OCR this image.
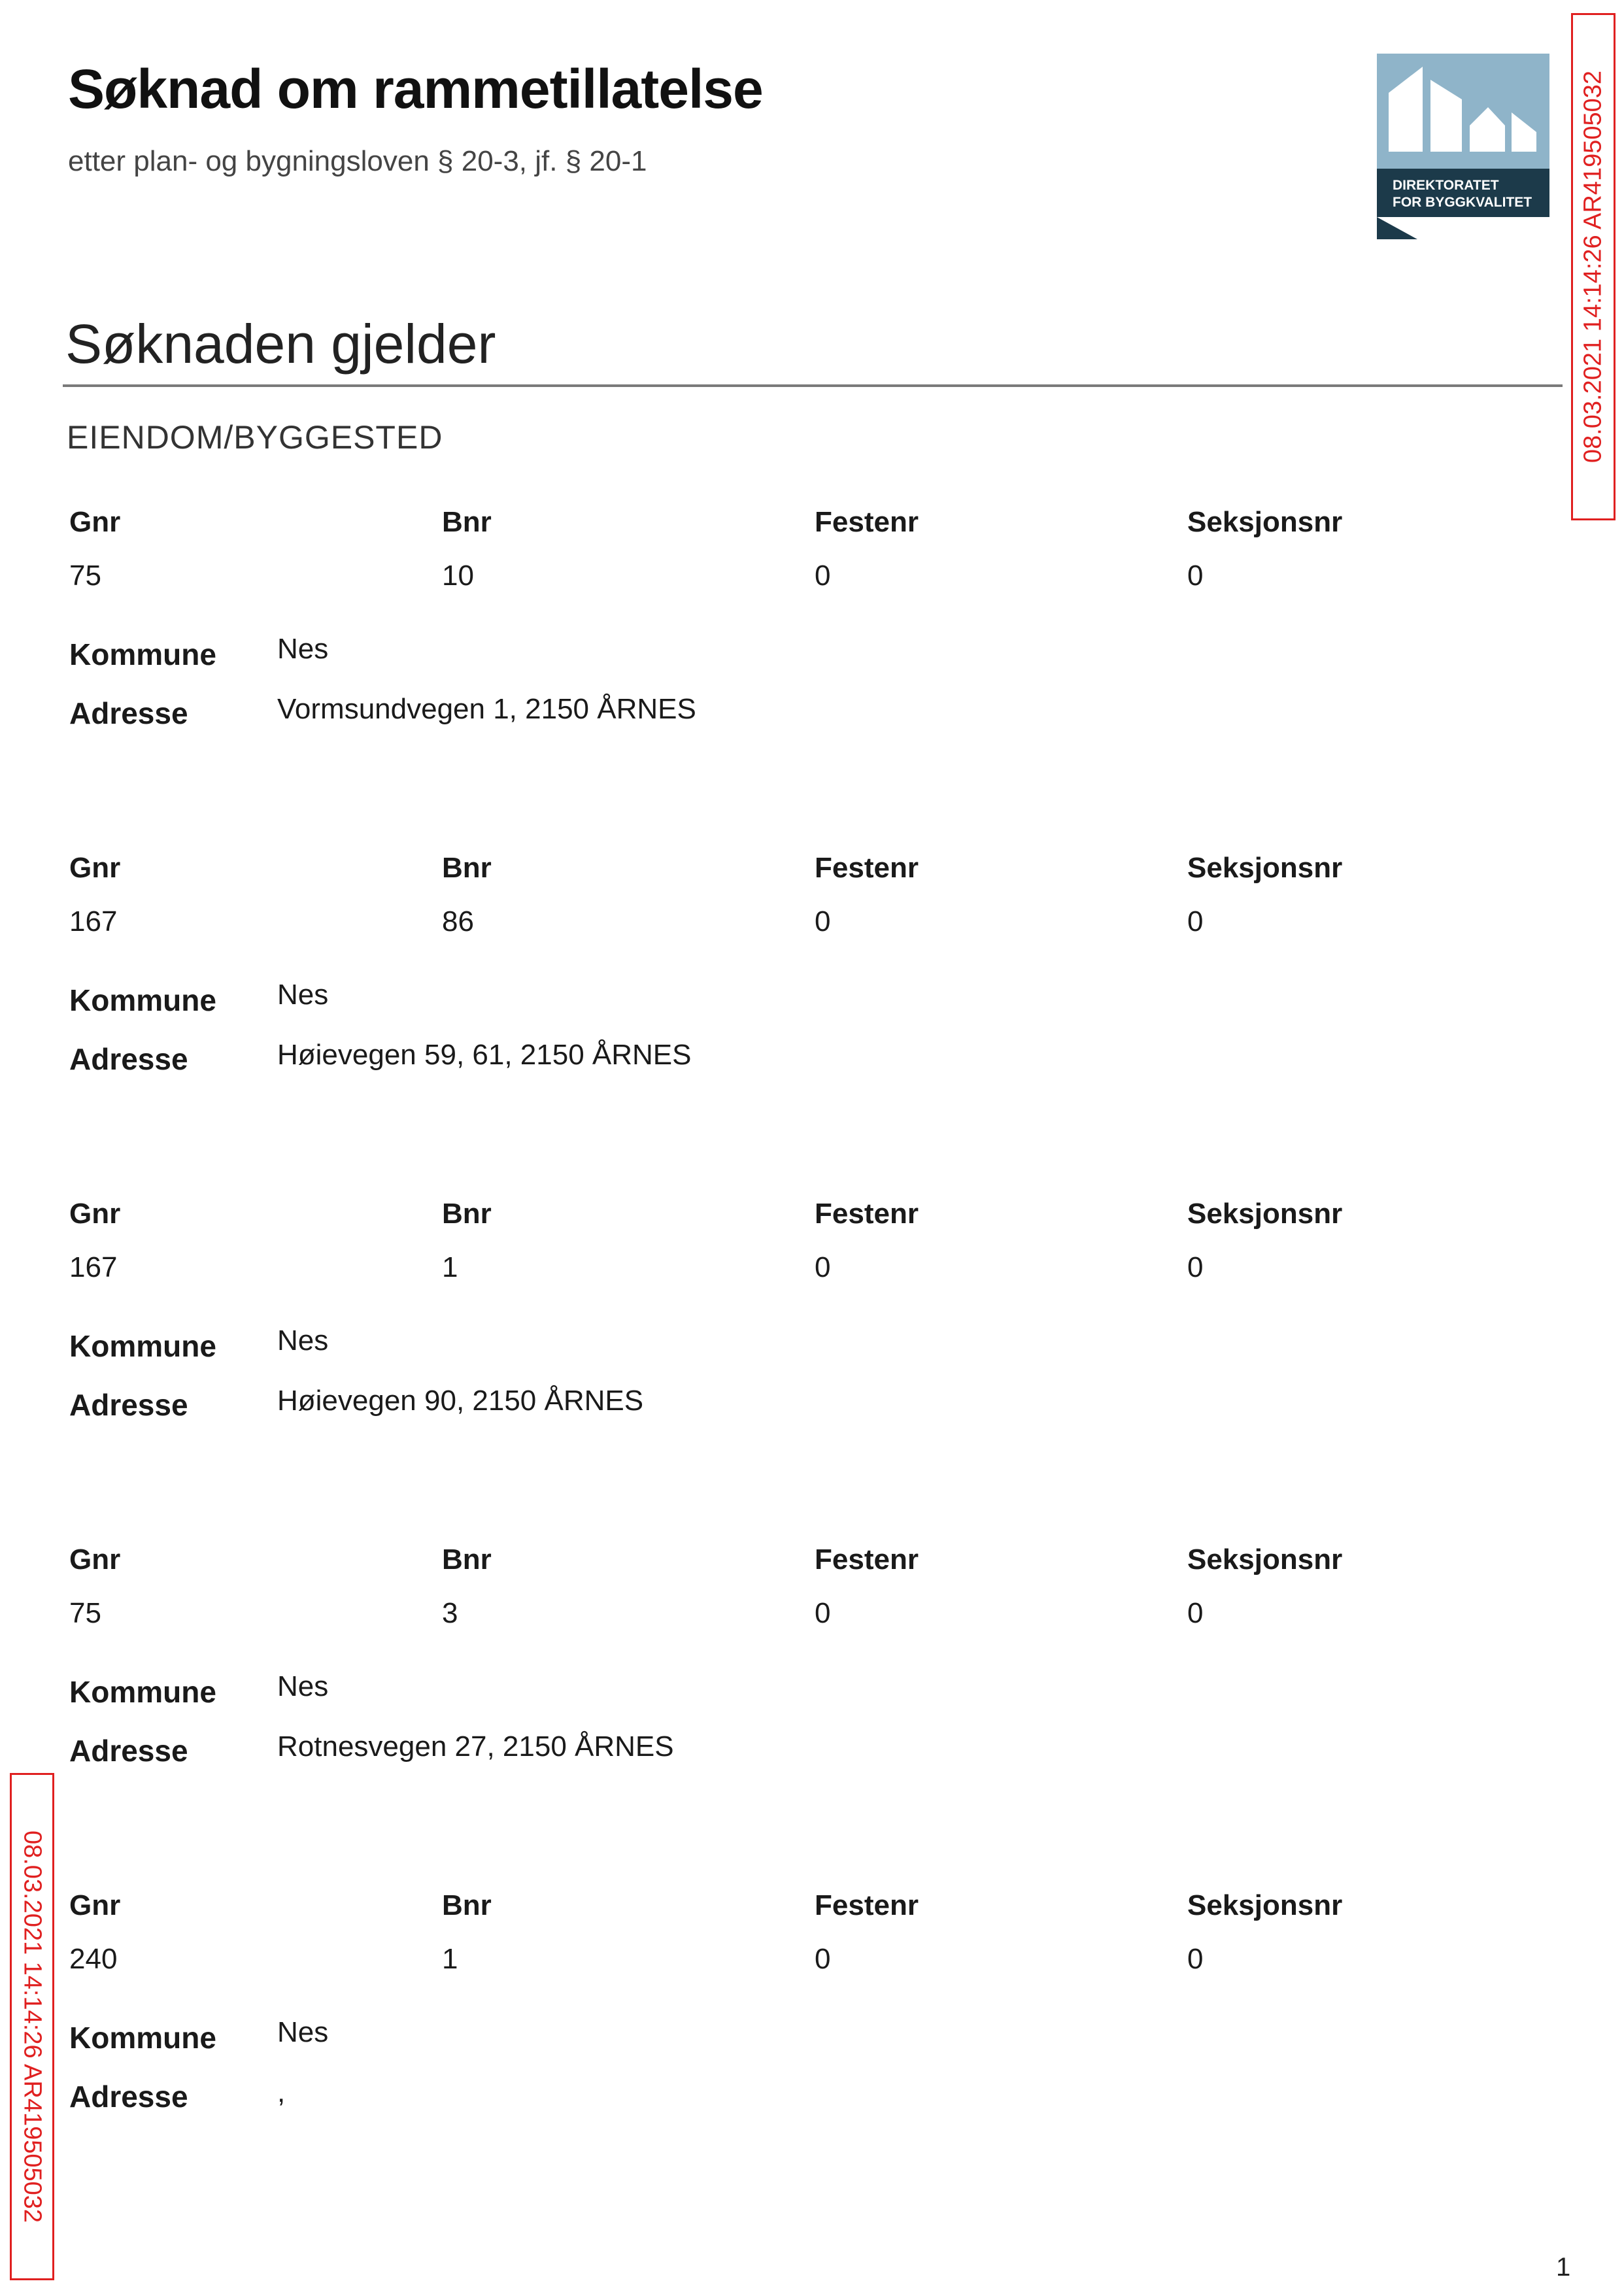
Søknad om rammetillatelse
etter plan- og bygningsloven § 20-3, jf. § 20-1
DIREKTORATET
FOR BYGGKVALITET
Søknaden gjelder
EIENDOM/BYGGESTED
Gnr	Bnr	Festenr	Seksjonsnr
75	10	0	0
Kommune Nes
Adresse	Vormsundvegen 1, 2150 ÅRNES
Gnr	Bnr	Festenr	Seksjonsnr
167	86	0	0
Kommune Nes
Adresse	Høievegen 59, 61, 2150 ÅRNES
Gnr	Bnr	Festenr	Seksjonsnr
167	1	0	0
Kommune Nes
Adresse	Høievegen 90, 2150 ÅRNES
Gnr	Bnr	Festenr	Seksjonsnr
75	3	0	0
Kommune Nes
Adresse	Rotnesvegen 27, 2150 ÅRNES
Gnr	Bnr	Festenr	Seksjonsnr
240	1	0	0
Kommune Nes
Adresse	,
08.03.2021 14:14:26 AR419505032
08.03.2021 14:14:26 AR419505032
1
